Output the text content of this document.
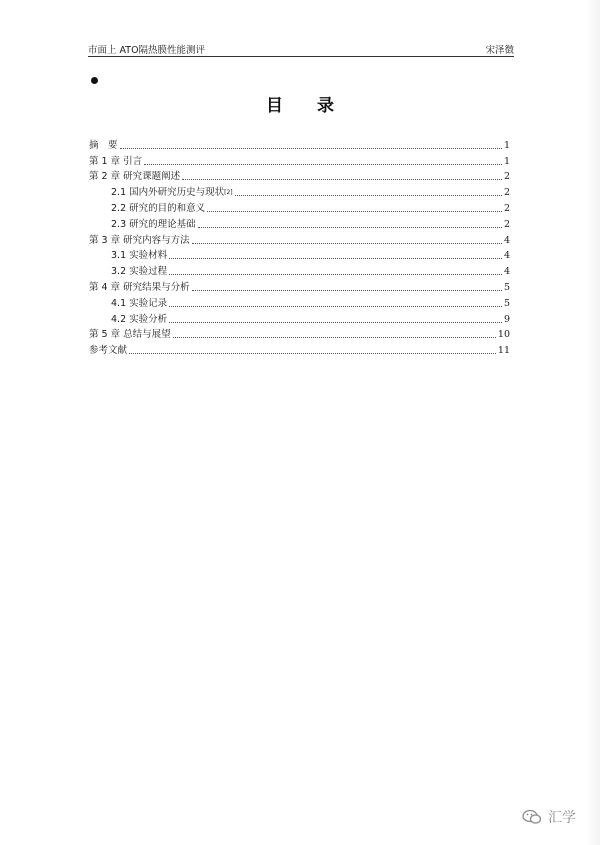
市面上 ATO隔热膜性能测评	宋泽徴
目 录
摘　要	1
第 1 章 引言	1
第 2 章 研究课题阐述	2
2.1 国内外研究历史与现状 [2]	2
2.2 研究的目的和意义	2
2.3 研究的理论基础	2
第 3 章 研究内容与方法	4
3.1 实验材料	4
3.2 实验过程	4
第 4 章 研究结果与分析	5
4.1 实验记录	5
4.2 实验分析	9
第 5 章 总结与展望	10
参考文献	11
汇学
